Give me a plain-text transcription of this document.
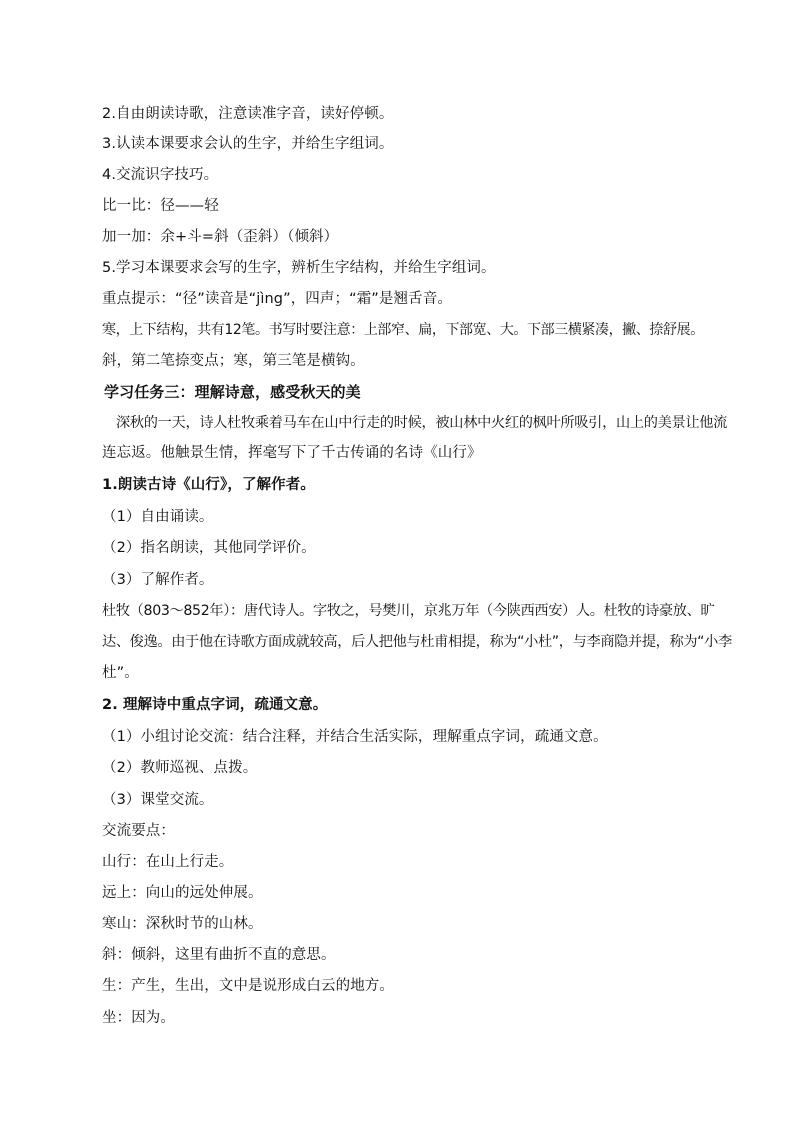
2.自由朗读诗歌，注意读准字音，读好停顿。
3.认读本课要求会认的生字，并给生字组词。
4.交流识字技巧。
比一比：径——轻
加一加：余+斗=斜（歪斜）（倾斜）
5.学习本课要求会写的生字，辨析生字结构，并给生字组词。
重点提示：“径”读音是“jìng”，四声；“霜”是翘舌音。
寒，上下结构，共有12笔。书写时要注意：上部窄、扁，下部宽、大。下部三横紧凑，撇、捺舒展。
斜，第二笔捺变点；寒，第三笔是横钩。
学习任务三：理解诗意，感受秋天的美
深秋的一天，诗人杜牧乘着马车在山中行走的时候，被山林中火红的枫叶所吸引，山上的美景让他流
连忘返。他触景生情，挥毫写下了千古传诵的名诗《山行》
1.朗读古诗《山行》，了解作者。
（1）自由诵读。
（2）指名朗读，其他同学评价。
（3）了解作者。
杜牧（803～852年）：唐代诗人。字牧之，号樊川，京兆万年（今陕西西安）人。杜牧的诗豪放、旷
达、俊逸。由于他在诗歌方面成就较高，后人把他与杜甫相提，称为“小杜”，与李商隐并提，称为“小李
杜”。
2. 理解诗中重点字词，疏通文意。
（1）小组讨论交流：结合注释，并结合生活实际，理解重点字词，疏通文意。
（2）教师巡视、点拨。
（3）课堂交流。
交流要点：
山行：在山上行走。
远上：向山的远处伸展。
寒山：深秋时节的山林。
斜：倾斜，这里有曲折不直的意思。
生：产生，生出，文中是说形成白云的地方。
坐：因为。
